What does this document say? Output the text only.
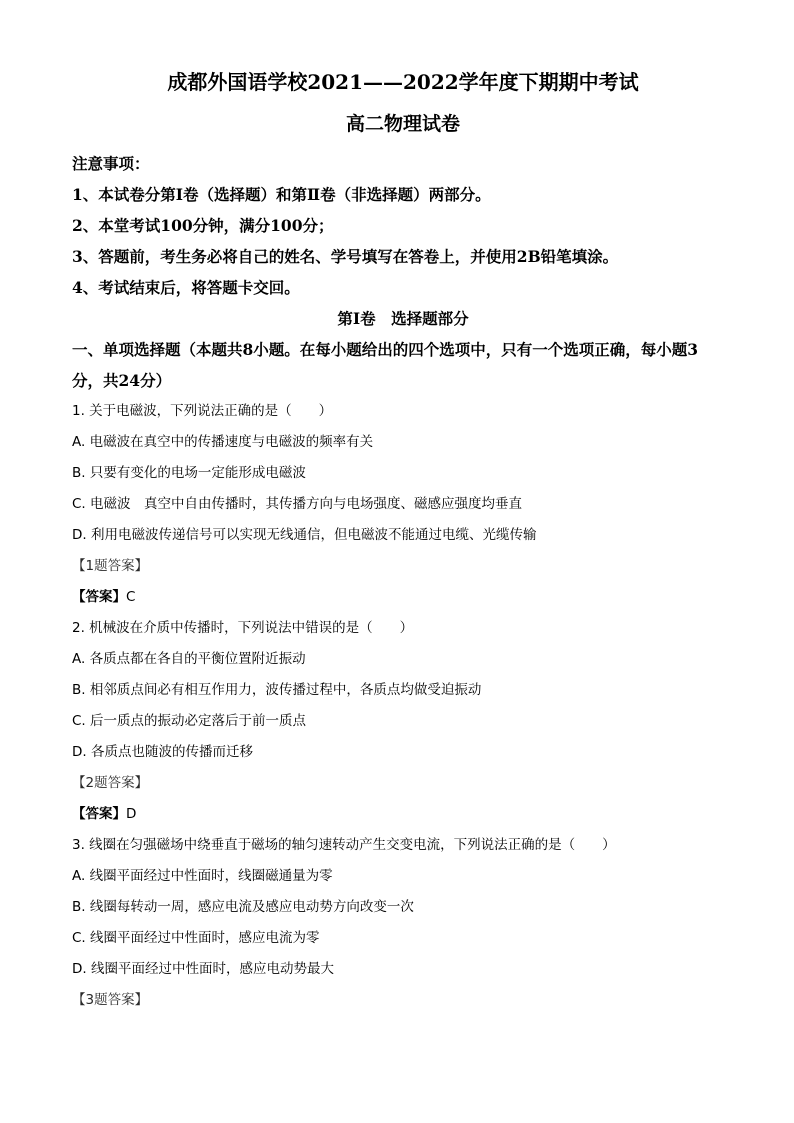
成都外国语学校2021——2022学年度下期期中考试
高二物理试卷

注意事项：

1、本试卷分第I卷（选择题）和第Ⅱ卷（非选择题）两部分。

2、本堂考试100分钟，满分100分；

3、答题前，考生务必将自己的姓名、学号填写在答卷上，并使用2B铅笔填涂。

4、考试结束后，将答题卡交回。

第I卷　选择题部分

一、单项选择题（本题共8小题。在每小题给出的四个选项中，只有一个选项正确，每小题3

分，共24分）

1. 关于电磁波，下列说法正确的是（　　）

A. 电磁波在真空中的传播速度与电磁波的频率有关

B. 只要有变化的电场一定能形成电磁波

C. 电磁波　真空中自由传播时，其传播方向与电场强度、磁感应强度均垂直

D. 利用电磁波传递信号可以实现无线通信，但电磁波不能通过电缆、光缆传输

【1题答案】

【答案】C

2. 机械波在介质中传播时，下列说法中错误的是（　　）

A. 各质点都在各自的平衡位置附近振动

B. 相邻质点间必有相互作用力，波传播过程中，各质点均做受迫振动

C. 后一质点的振动必定落后于前一质点

D. 各质点也随波的传播而迁移

【2题答案】

【答案】D

3. 线圈在匀强磁场中绕垂直于磁场的轴匀速转动产生交变电流，下列说法正确的是（　　）

A. 线圈平面经过中性面时，线圈磁通量为零

B. 线圈每转动一周，感应电流及感应电动势方向改变一次

C. 线圈平面经过中性面时，感应电流为零

D. 线圈平面经过中性面时，感应电动势最大

【3题答案】
